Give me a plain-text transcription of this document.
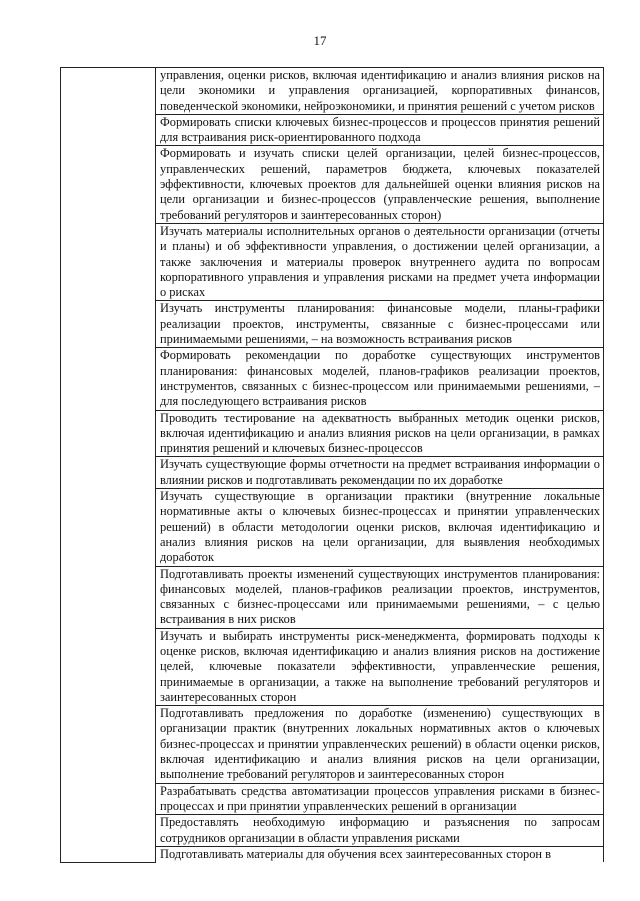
17
	управления, оценки рисков, включая идентификацию и анализ влияния рисков на цели экономики и управления организацией, корпоративных финансов, поведенческой экономики, нейроэкономики, и принятия решений с учетом рисков
Формировать списки ключевых бизнес-процессов и процессов принятия решений для встраивания риск-ориентированного подхода
Формировать и изучать списки целей организации, целей бизнес-процессов, управленческих решений, параметров бюджета, ключевых показателей эффективности, ключевых проектов для дальнейшей оценки влияния рисков на цели организации и бизнес-процессов (управленческие решения, выполнение требований регуляторов и заинтересованных сторон)
Изучать материалы исполнительных органов о деятельности организации (отчеты и планы) и об эффективности управления, о достижении целей организации, а также заключения и материалы проверок внутреннего аудита по вопросам корпоративного управления и управления рисками на предмет учета информации о рисках
Изучать инструменты планирования: финансовые модели, планы-графики реализации проектов, инструменты, связанные с бизнес-процессами или принимаемыми решениями, – на возможность встраивания рисков
Формировать рекомендации по доработке существующих инструментов планирования: финансовых моделей, планов-графиков реализации проектов, инструментов, связанных с бизнес-процессом или принимаемыми решениями, – для последующего встраивания рисков
Проводить тестирование на адекватность выбранных методик оценки рисков, включая идентификацию и анализ влияния рисков на цели организации, в рамках принятия решений и ключевых бизнес-процессов
Изучать существующие формы отчетности на предмет встраивания информации о влиянии рисков и подготавливать рекомендации по их доработке
Изучать существующие в организации практики (внутренние локальные нормативные акты о ключевых бизнес-процессах и принятии управленческих решений) в области методологии оценки рисков, включая идентификацию и анализ влияния рисков на цели организации, для выявления необходимых доработок
Подготавливать проекты изменений существующих инструментов планирования: финансовых моделей, планов-графиков реализации проектов, инструментов, связанных с бизнес-процессами или принимаемыми решениями, – с целью встраивания в них рисков
Изучать и выбирать инструменты риск-менеджмента, формировать подходы к оценке рисков, включая идентификацию и анализ влияния рисков на достижение целей, ключевые показатели эффективности, управленческие решения, принимаемые в организации, а также на выполнение требований регуляторов и заинтересованных сторон
Подготавливать предложения по доработке (изменению) существующих в организации практик (внутренних локальных нормативных актов о ключевых бизнес-процессах и принятии управленческих решений) в области оценки рисков, включая идентификацию и анализ влияния рисков на цели организации, выполнение требований регуляторов и заинтересованных сторон
Разрабатывать средства автоматизации процессов управления рисками в бизнес-процессах и при принятии управленческих решений в организации
Предоставлять необходимую информацию и разъяснения по запросам сотрудников организации в области управления рисками
Подготавливать материалы для обучения всех заинтересованных сторон в
